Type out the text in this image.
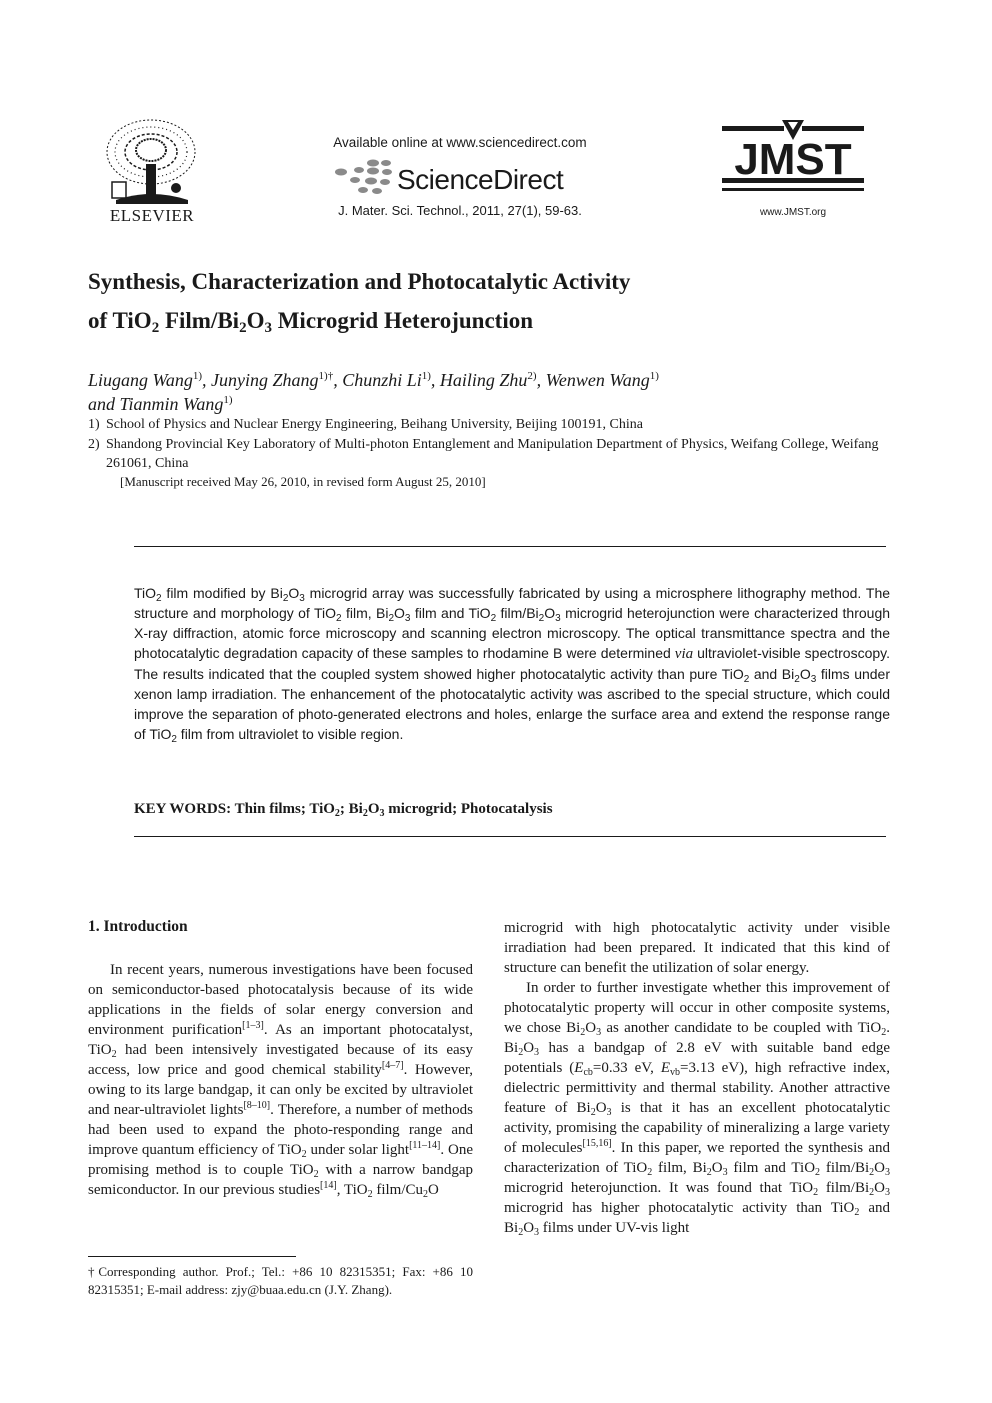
ELSEVIER
Available online at www.sciencedirect.com
ScienceDirect
J. Mater. Sci. Technol., 2011, 27(1), 59-63.
JMST
www.JMST.org
Synthesis, Characterization and Photocatalytic Activity
of TiO$_2$ Film/$Bi_2O_3$ Microgrid Heterojunction
Liugang Wang$^{1)}$, Junying Zhang$^{1)\dagger}$, Chunzhi Li$^{1)}$, Hailing Zhu$^{2)}$, Wenwen Wang$^{1)}$
and Tianmin Wang$^{1)}$
1) School of Physics and Nuclear Energy Engineering, Beihang University, Beijing 100191, China
2) Shandong Provincial Key Laboratory of Multi-photon Entanglement and Manipulation Department of Physics, Weifang College, Weifang 261061, China
[Manuscript received May 26, 2010, in revised form August 25, 2010]
TiO$_2$ film modified by $Bi_2O_3$ microgrid array was successfully fabricated by using a microsphere lithography method. The structure and morphology of TiO$_2$ film, $Bi_2O_3$ film and TiO$_2$ film/$Bi_2O_3$ microgrid heterojunction were characterized through X-ray diffraction, atomic force microscopy and scanning electron microscopy. The optical transmittance spectra and the photocatalytic degradation capacity of these samples to rhodamine B were determined via ultraviolet-visible spectroscopy. The results indicated that the coupled system showed higher photocatalytic activity than pure TiO$_2$ and $Bi_2O_3$ films under xenon lamp irradiation. The enhancement of the photocatalytic activity was ascribed to the special structure, which could improve the separation of photo-generated electrons and holes, enlarge the surface area and extend the response range of TiO$_2$ film from ultraviolet to visible region.
KEY WORDS: Thin films; TiO$_2$; $Bi_2O_3$ microgrid; Photocatalysis
1. Introduction

In recent years, numerous investigations have been focused on semiconductor-based photocatalysis because of its wide applications in the fields of solar energy conversion and environment purification[1–3]. As an important photocatalyst, TiO$_2$ had been intensively investigated because of its easy access, low price and good chemical stability[4–7]. However, owing to its large bandgap, it can only be excited by ultraviolet and near-ultraviolet lights[8–10]. Therefore, a number of methods had been used to expand the photo-responding range and improve quantum efficiency of TiO$_2$ under solar light[11–14]. One promising method is to couple TiO$_2$ with a narrow bandgap semiconductor. In our previous studies[14], TiO$_2$ film/$Cu_2O$

microgrid with high photocatalytic activity under visible irradiation had been prepared. It indicated that this kind of structure can benefit the utilization of solar energy.

In order to further investigate whether this improvement of photocatalytic property will occur in other composite systems, we chose $Bi_2O_3$ as another candidate to be coupled with TiO$_2$. $Bi_2O_3$ has a bandgap of 2.8 eV with suitable band edge potentials ($E_{cb}=0.33$ eV, $E_{vb}=3.13$ eV), high refractive index, dielectric permittivity and thermal stability. Another attractive feature of $Bi_2O_3$ is that it has an excellent photocatalytic activity, promising the capability of mineralizing a large variety of molecules[15,16]. In this paper, we reported the synthesis and characterization of TiO$_2$ film, $Bi_2O_3$ film and TiO$_2$ film/$Bi_2O_3$ microgrid heterojunction. It was found that TiO$_2$ film/$Bi_2O_3$ microgrid has higher photocatalytic activity than TiO$_2$ and $Bi_2O_3$ films under UV-vis light

†Corresponding author. Prof.; Tel.: +86 10 82315351; Fax: +86 10 82315351; E-mail address: zjy@buaa.edu.cn (J.Y. Zhang).
